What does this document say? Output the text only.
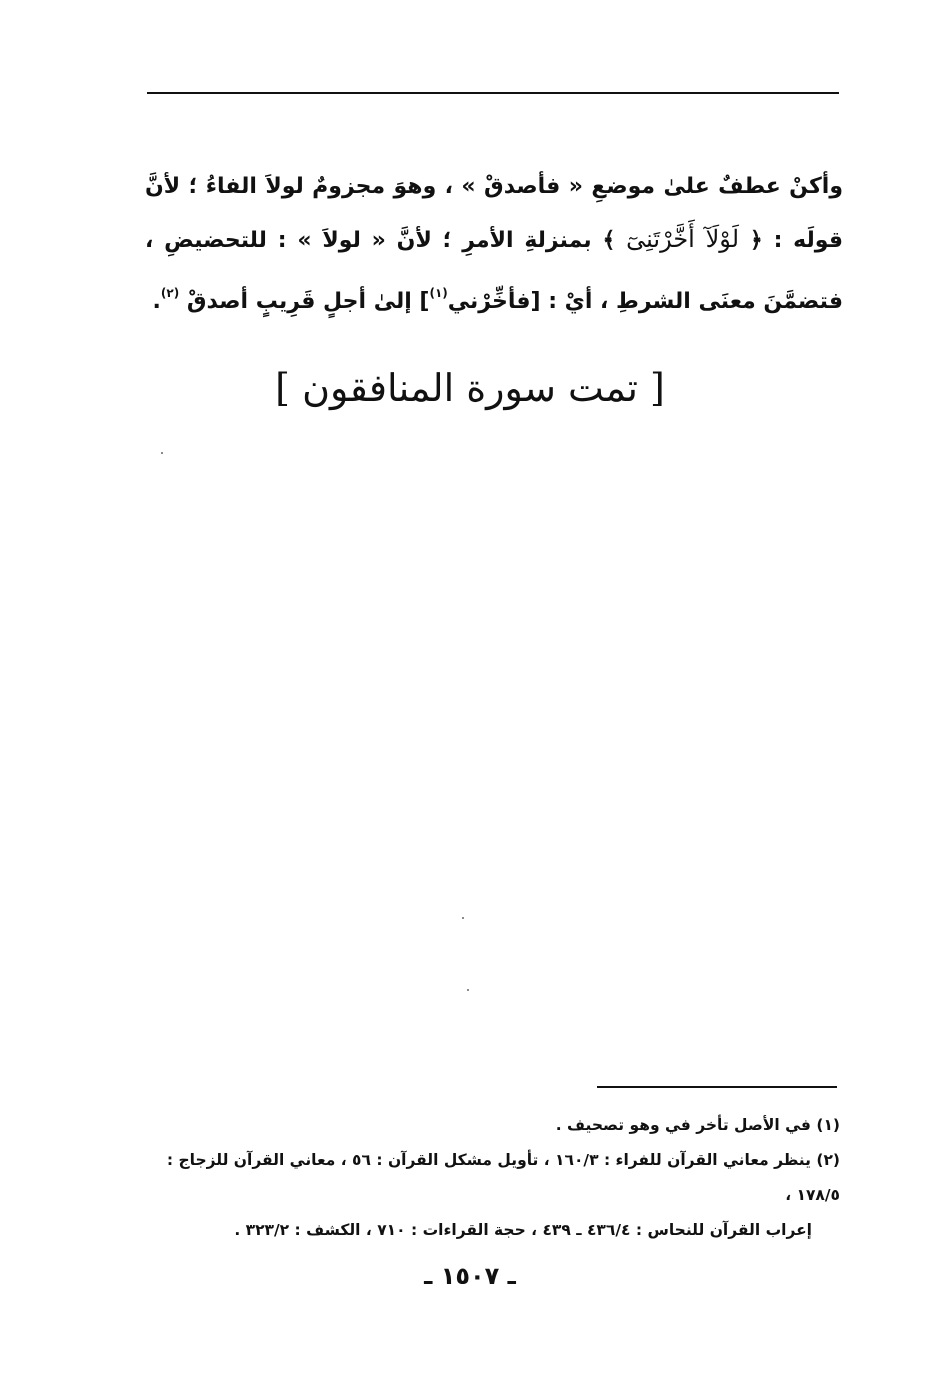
وأكنْ عطفٌ علىٰ موضعِ « فأصدقْ » ، وهوَ مجزومٌ لولاَ الفاءُ ؛ لأنَّ قولَه : ﴿ لَوْلَآ أَخَّرْتَنِىٓ ﴾ بمنزلةِ الأمرِ ؛ لأنَّ « لولاَ » : للتحضيضِ ، فتضمَّنَ معنَى الشرطِ ، أيْ : [فأخِّرْني$^{(١)}$] إلىٰ أجلٍ قَرِيبٍ أصدقْ $^{(٢)}$.
[ تمت سورة المنافقون ]

(١) في الأصل تأخر في وهو تصحيف .

(٢) ينظر معاني القرآن للفراء : ١٦٠/٣ ، تأويل مشكل القرآن : ٥٦ ، معاني القرآن للزجاج : ١٧٨/٥ ،

إعراب القرآن للنحاس : ٤٣٦/٤ ـ ٤٣٩ ، حجة القراءات : ٧١٠ ، الكشف : ٣٢٣/٢ .

ـ ١٥٠٧ ـ
